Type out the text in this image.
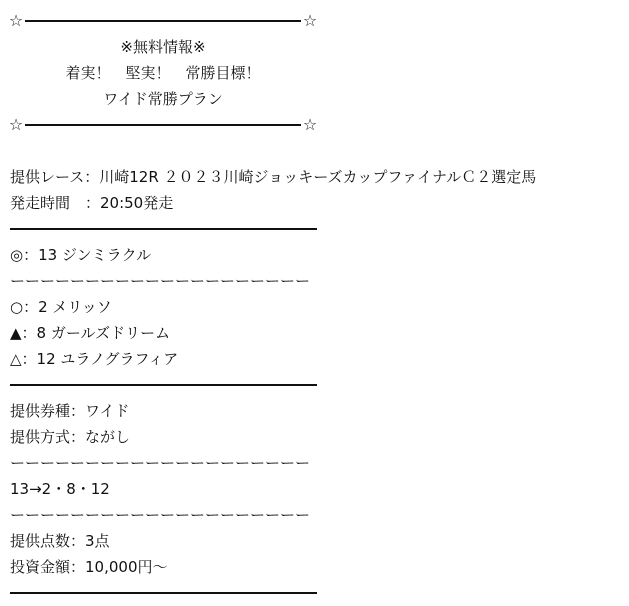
☆	☆
※無料情報※
着実！　堅実！　常勝目標！
ワイド常勝プラン
☆	☆
提供レース：川崎12R ２０２３川崎ジョッキーズカップファイナルＣ２選定馬
発走時間　：20:50発走
◎：13 ジンミラクル
ーーーーーーーーーーーーーーーーーーーー
○：2 メリッソ
▲：8 ガールズドリーム
△：12 ユラノグラフィア
提供券種：ワイド
提供方式：ながし
ーーーーーーーーーーーーーーーーーーーー
13→2・8・12
ーーーーーーーーーーーーーーーーーーーー
提供点数：3点
投資金額：10,000円～
